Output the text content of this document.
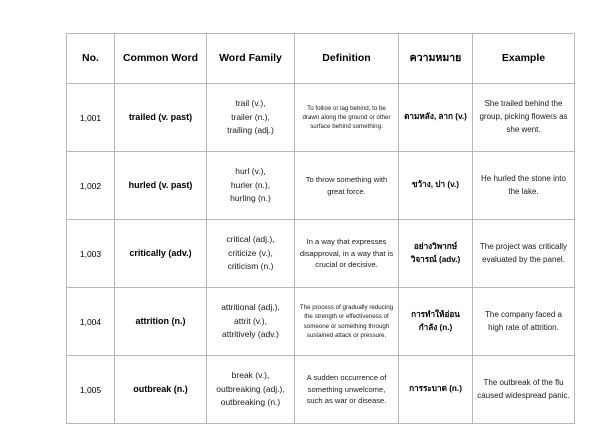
No.	Common Word	Word Family	Definition	ความหมาย	Example
1,001	trailed (v. past)	trail (v.),
trailer (n.),
trailing (adj.)	To follow or lag behind, to be drawn along the ground or other surface behind something.	ตามหลัง, ลาก (v.)	She trailed behind the group, picking flowers as she went.
1,002	hurled (v. past)	hurl (v.),
hurler (n.),
hurling (n.)	To throw something with great force.	ขว้าง, ปา (v.)	He hurled the stone into the lake.
1,003	critically (adv.)	critical (adj.),
criticize (v.),
criticism (n.)	In a way that expresses disapproval, in a way that is crucial or decisive.	อย่างวิพากษ์วิจารณ์ (adv.)	The project was critically evaluated by the panel.
1,004	attrition (n.)	attritional (adj.),
attrit (v.),
attritively (adv.)	The process of gradually reducing the strength or effectiveness of someone or something through sustained attack or pressure.	การทำให้อ่อนกำลัง (n.)	The company faced a high rate of attrition.
1,005	outbreak (n.)	break (v.),
outbreaking (adj.),
outbreaking (n.)	A sudden occurrence of something unwelcome, such as war or disease.	การระบาด (n.)	The outbreak of the flu caused widespread panic.
